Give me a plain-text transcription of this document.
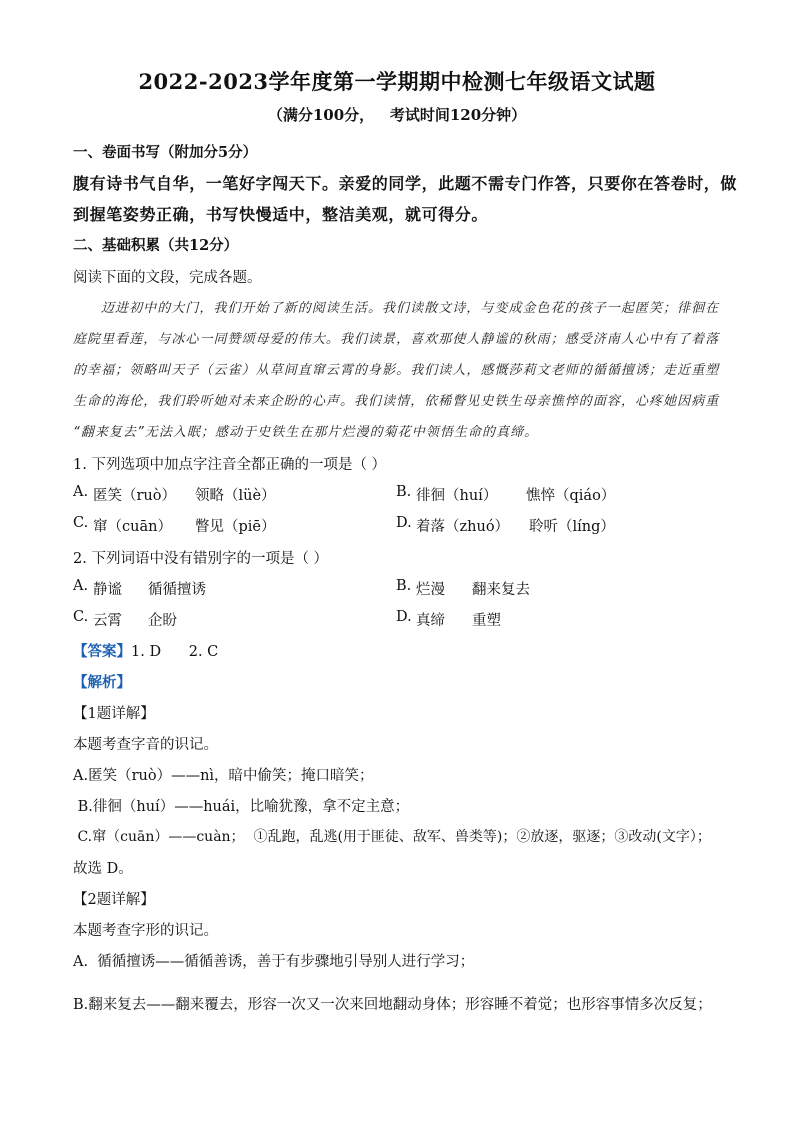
2022-2023学年度第一学期期中检测七年级语文试题
（满分100分，   考试时间120分钟）
一、卷面书写（附加分5分）
腹有诗书气自华，一笔好字闯天下。亲爱的同学，此题不需专门作答，只要你在答卷时，做
到握笔姿势正确，书写快慢适中，整洁美观，就可得分。
二、基础积累（共12分）
阅读下面的文段，完成各题。
迈进初中的大门，我们开始了新的阅读生活。我们读散文诗，与变成金色花的孩子一起匿笑；徘徊在
庭院里看莲，与冰心一同赞颂母爱的伟大。我们读景，喜欢那使人静谧的秋雨；感受济南人心中有了着落
的幸福；领略叫天子（云雀）从草间直窜云霄的身影。我们读人，感慨莎莉文老师的循循擅诱；走近重塑
生命的海伦，我们聆听她对未来企盼的心声。我们读情，依稀瞥见史铁生母亲憔悴的面容，心疼她因病重
“翻来复去”无法入眠；感动于史铁生在那片烂漫的菊花中领悟生命的真缔。
1. 下列选项中加点字注音全都正确的一项是（ ）
A. 匿笑（ruò） 领略（lüè）	B. 徘徊（huí） 憔悴（qiáo）
C. 窜（cuān） 瞥见（piē）	D. 着落（zhuó） 聆听（líng）
2. 下列词语中没有错别字的一项是（ ）
A. 静谧 循循擅诱	B. 烂漫 翻来复去
C. 云霄 企盼	D. 真缔 重塑
【答案】1. D      2. C
【解析】
【1题详解】
本题考查字音的识记。
A.匿笑（ruò）——nì，暗中偷笑；掩口暗笑；
B.徘徊（huí）——huái，比喻犹豫，拿不定主意；
C.窜（cuān）——cuàn；  ①乱跑，乱逃(用于匪徒、敌军、兽类等)；②放逐，驱逐；③改动(文字）；
故选 D。
【2题详解】
本题考查字形的识记。
A.  循循擅诱——循循善诱，善于有步骤地引导别人进行学习；
B.翻来复去——翻来覆去，形容一次又一次来回地翻动身体；形容睡不着觉；也形容事情多次反复；
